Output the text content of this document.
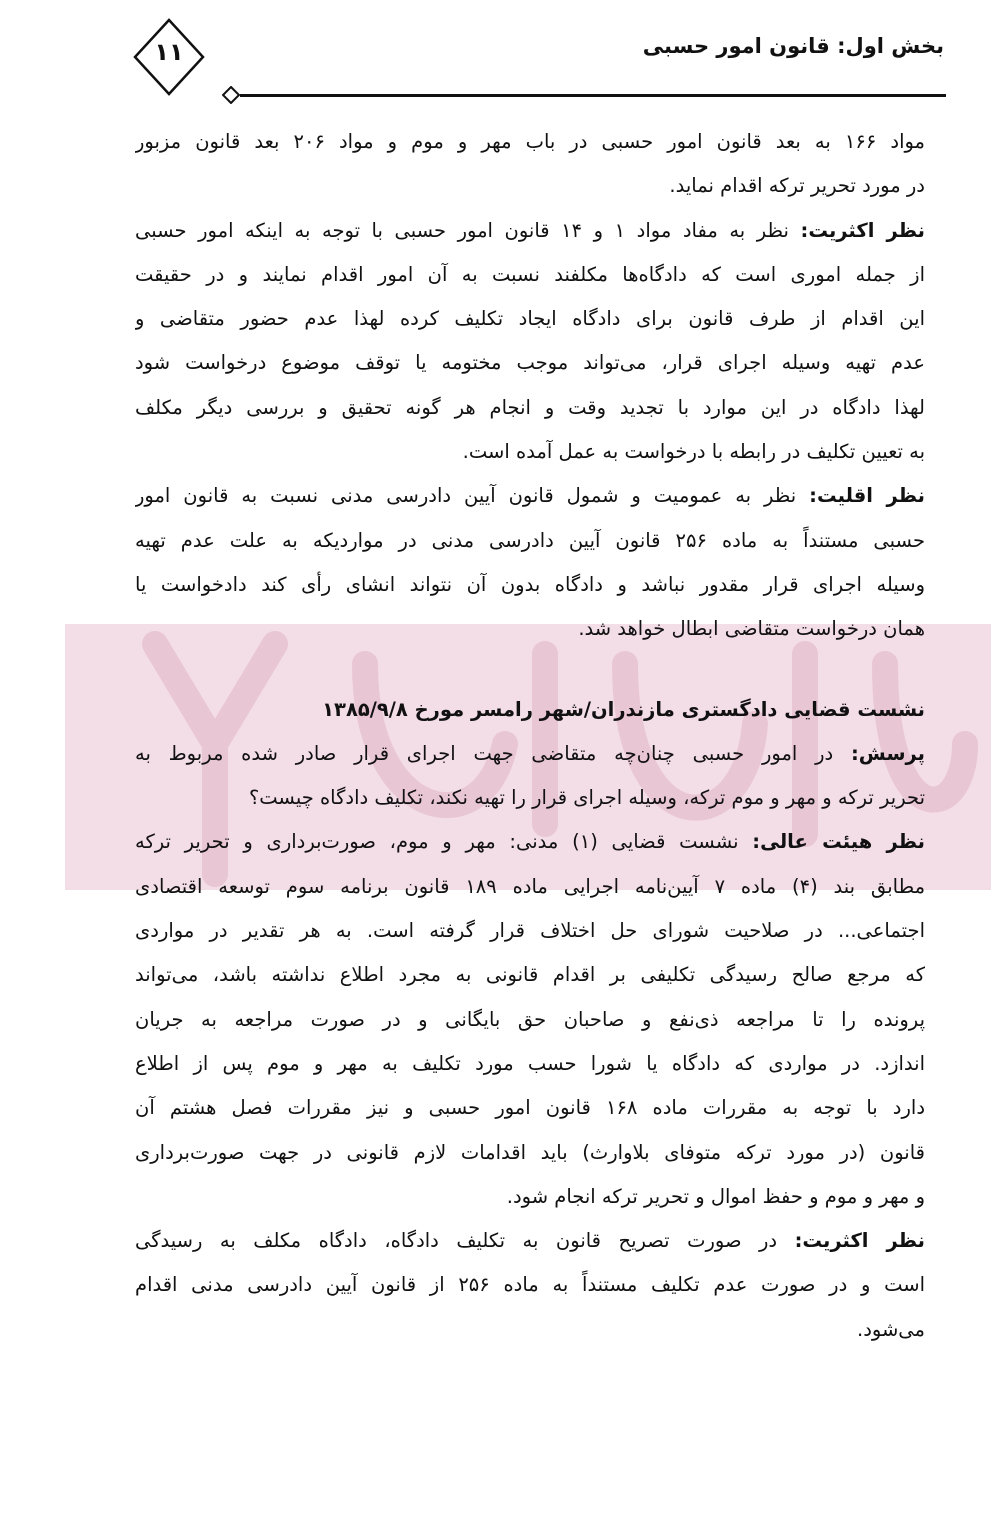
بخش اول: قانون امور حسبی
۱۱
مواد ۱۶۶ به بعد قانون امور حسبی در باب مهر و موم و مواد ۲۰۶ بعد قانون مزبور
در مورد تحریر ترکه اقدام نماید.
نظر اکثریت: نظر به مفاد مواد ۱ و ۱۴ قانون امور حسبی با توجه به اینکه امور حسبی
از جمله اموری است که دادگاه‌ها مکلفند نسبت به آن امور اقدام نمایند و در حقیقت
این اقدام از طرف قانون برای دادگاه ایجاد تکلیف کرده لهذا عدم حضور متقاضی و
عدم تهیه وسیله اجرای قرار، می‌تواند موجب مختومه یا توقف موضوع درخواست شود
لهذا دادگاه در این موارد با تجدید وقت و انجام هر گونه تحقیق و بررسی دیگر مکلف
به تعیین تکلیف در رابطه با درخواست به عمل آمده است.
نظر اقلیت: نظر به عمومیت و شمول قانون آیین دادرسی مدنی نسبت به قانون امور
حسبی مستنداً به ماده ۲۵۶ قانون آیین دادرسی مدنی در مواردیکه به علت عدم تهیه
وسیله اجرای قرار مقدور نباشد و دادگاه بدون آن نتواند انشای رأی کند دادخواست یا
همان درخواست متقاضی ابطال خواهد شد.
نشست قضایی دادگستری مازندران/شهر رامسر مورخ ۱۳۸۵/۹/۸
پرسش: در امور حسبی چنان‌چه متقاضی جهت اجرای قرار صادر شده مربوط به
تحریر ترکه و مهر و موم ترکه، وسیله اجرای قرار را تهیه نکند، تکلیف دادگاه چیست؟
نظر هیئت عالی: نشست قضایی (۱) مدنی: مهر و موم، صورت‌برداری و تحریر ترکه
مطابق بند (۴) ماده ۷ آیین‌نامه اجرایی ماده ۱۸۹ قانون برنامه سوم توسعه اقتصادی
اجتماعی... در صلاحیت شورای حل اختلاف قرار گرفته است. به هر تقدیر در مواردی
که مرجع صالح رسیدگی تکلیفی بر اقدام قانونی به مجرد اطلاع نداشته باشد، می‌تواند
پرونده را تا مراجعه ذی‌نفع و صاحبان حق بایگانی و در صورت مراجعه به جریان
اندازد. در مواردی که دادگاه یا شورا حسب مورد تکلیف به مهر و موم پس از اطلاع
دارد با توجه به مقررات ماده ۱۶۸ قانون امور حسبی و نیز مقررات فصل هشتم آن
قانون (در مورد ترکه متوفای بلاوارث) باید اقدامات لازم قانونی در جهت صورت‌برداری
و مهر و موم و حفظ اموال و تحریر ترکه انجام شود.
نظر اکثریت: در صورت تصریح قانون به تکلیف دادگاه، دادگاه مکلف به رسیدگی
است و در صورت عدم تکلیف مستنداً به ماده ۲۵۶ از قانون آیین دادرسی مدنی اقدام
می‌شود.
